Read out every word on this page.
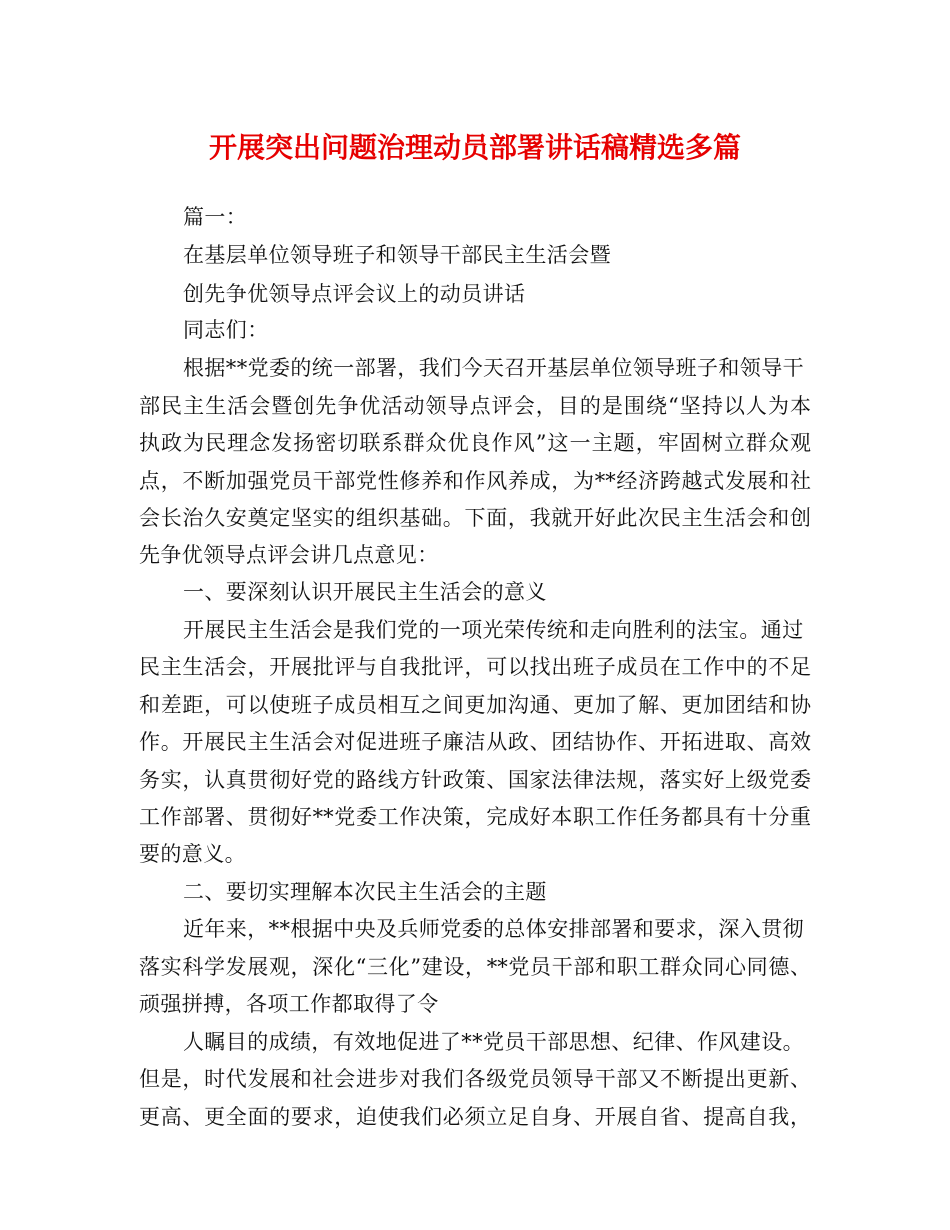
开展突出问题治理动员部署讲话稿精选多篇
篇一：
在基层单位领导班子和领导干部民主生活会暨
创先争优领导点评会议上的动员讲话
同志们：
根据**党委的统一部署，我们今天召开基层单位领导班子和领导干
部民主生活会暨创先争优活动领导点评会，目的是围绕“坚持以人为本
执政为民理念发扬密切联系群众优良作风”这一主题，牢固树立群众观
点，不断加强党员干部党性修养和作风养成，为**经济跨越式发展和社
会长治久安奠定坚实的组织基础。下面，我就开好此次民主生活会和创
先争优领导点评会讲几点意见：
一、要深刻认识开展民主生活会的意义
开展民主生活会是我们党的一项光荣传统和走向胜利的法宝。通过
民主生活会，开展批评与自我批评，可以找出班子成员在工作中的不足
和差距，可以使班子成员相互之间更加沟通、更加了解、更加团结和协
作。开展民主生活会对促进班子廉洁从政、团结协作、开拓进取、高效
务实，认真贯彻好党的路线方针政策、国家法律法规，落实好上级党委
工作部署、贯彻好**党委工作决策，完成好本职工作任务都具有十分重
要的意义。
二、要切实理解本次民主生活会的主题
近年来，**根据中央及兵师党委的总体安排部署和要求，深入贯彻
落实科学发展观，深化“三化”建设，**党员干部和职工群众同心同德、
顽强拼搏，各项工作都取得了令
人瞩目的成绩，有效地促进了**党员干部思想、纪律、作风建设。
但是，时代发展和社会进步对我们各级党员领导干部又不断提出更新、
更高、更全面的要求，迫使我们必须立足自身、开展自省、提高自我，
